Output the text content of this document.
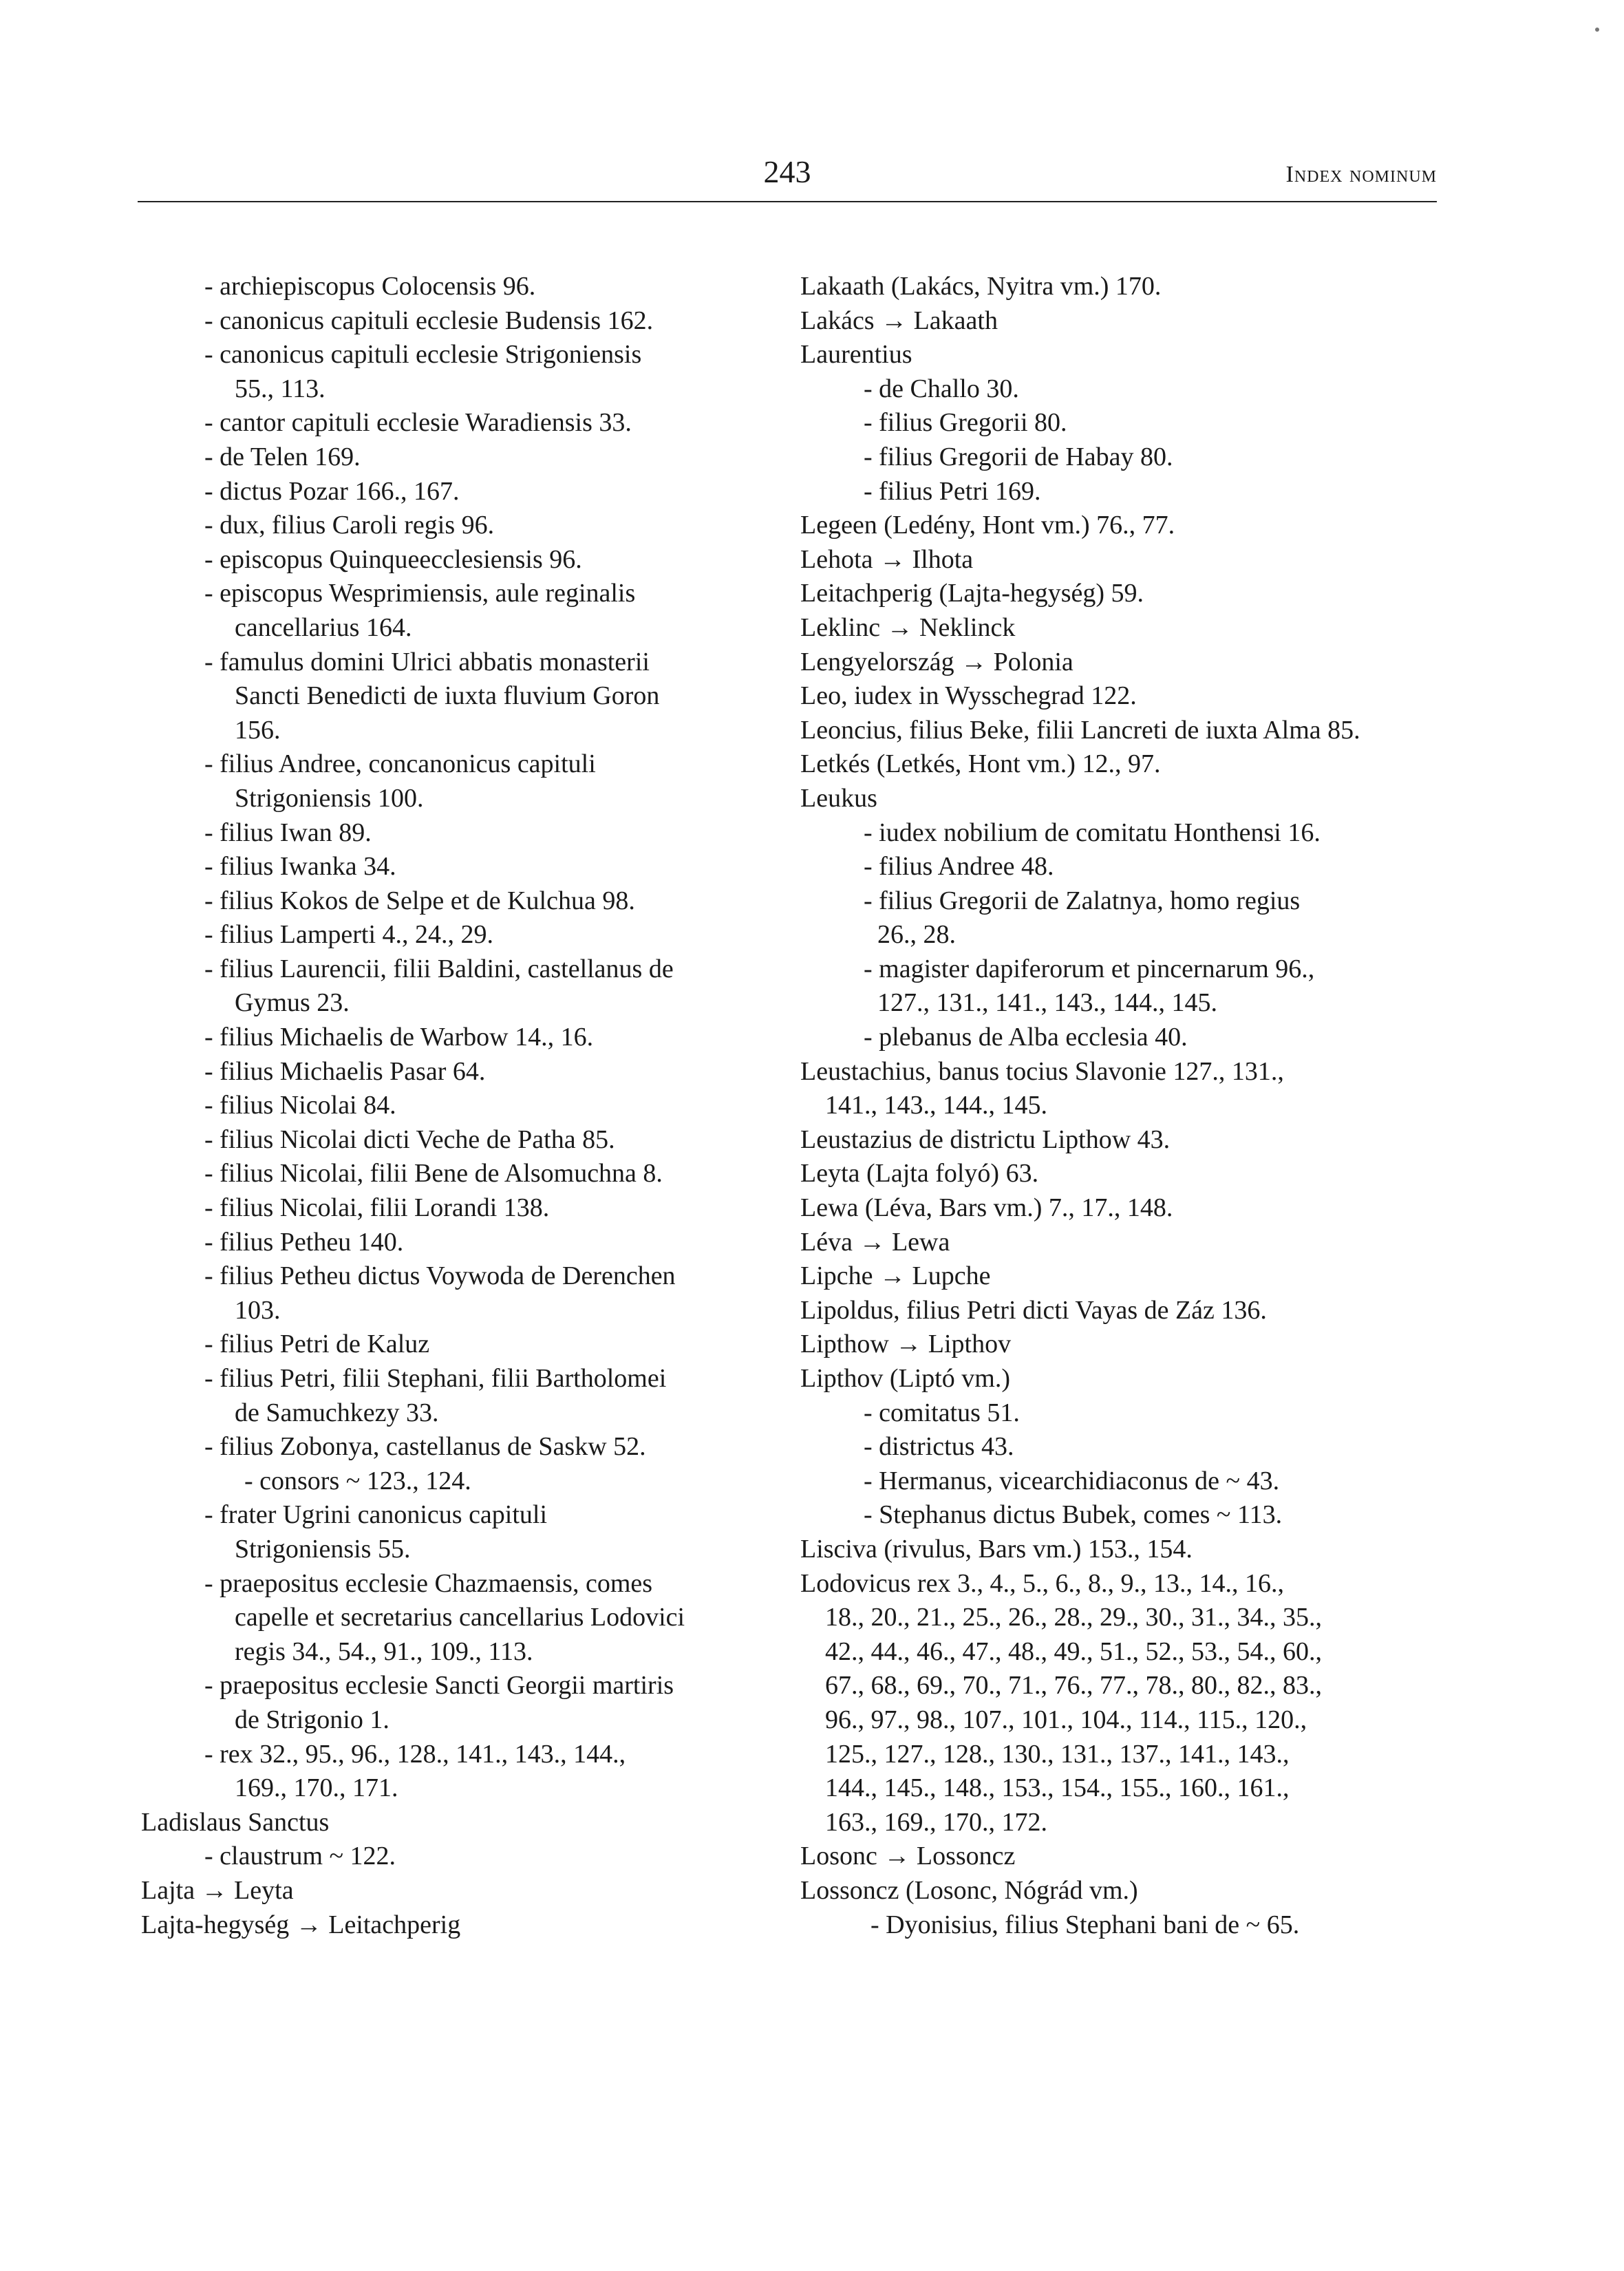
243	Index nominum
- archiepiscopus Colocensis 96.
- canonicus capituli ecclesie Budensis 162.
- canonicus capituli ecclesie Strigoniensis
55., 113.
- cantor capituli ecclesie Waradiensis 33.
- de Telen 169.
- dictus Pozar 166., 167.
- dux, filius Caroli regis 96.
- episcopus Quinqueecclesiensis 96.
- episcopus Wesprimiensis, aule reginalis
cancellarius 164.
- famulus domini Ulrici abbatis monasterii
Sancti Benedicti de iuxta fluvium Goron
156.
- filius Andree, concanonicus capituli
Strigoniensis 100.
- filius Iwan 89.
- filius Iwanka 34.
- filius Kokos de Selpe et de Kulchua 98.
- filius Lamperti 4., 24., 29.
- filius Laurencii, filii Baldini, castellanus de
Gymus 23.
- filius Michaelis de Warbow 14., 16.
- filius Michaelis Pasar 64.
- filius Nicolai 84.
- filius Nicolai dicti Veche de Patha 85.
- filius Nicolai, filii Bene de Alsomuchna 8.
- filius Nicolai, filii Lorandi 138.
- filius Petheu 140.
- filius Petheu dictus Voywoda de Derenchen
103.
- filius Petri de Kaluz
- filius Petri, filii Stephani, filii Bartholomei
de Samuchkezy 33.
- filius Zobonya, castellanus de Saskw 52.
- consors ~ 123., 124.
- frater Ugrini canonicus capituli
Strigoniensis 55.
- praepositus ecclesie Chazmaensis, comes
capelle et secretarius cancellarius Lodovici
regis 34., 54., 91., 109., 113.
- praepositus ecclesie Sancti Georgii martiris
de Strigonio 1.
- rex 32., 95., 96., 128., 141., 143., 144.,
169., 170., 171.
Ladislaus Sanctus
- claustrum ~ 122.
Lajta → Leyta
Lajta-hegység → Leitachperig
Lakaath (Lakács, Nyitra vm.) 170.
Lakács → Lakaath
Laurentius
- de Challo 30.
- filius Gregorii 80.
- filius Gregorii de Habay 80.
- filius Petri 169.
Legeen (Ledény, Hont vm.) 76., 77.
Lehota → Ilhota
Leitachperig (Lajta-hegység) 59.
Leklinc → Neklinck
Lengyelország → Polonia
Leo, iudex in Wysschegrad 122.
Leoncius, filius Beke, filii Lancreti de iuxta Alma 85.
Letkés (Letkés, Hont vm.) 12., 97.
Leukus
- iudex nobilium de comitatu Honthensi 16.
- filius Andree 48.
- filius Gregorii de Zalatnya, homo regius
26., 28.
- magister dapiferorum et pincernarum 96.,
127., 131., 141., 143., 144., 145.
- plebanus de Alba ecclesia 40.
Leustachius, banus tocius Slavonie 127., 131.,
141., 143., 144., 145.
Leustazius de districtu Lipthow 43.
Leyta (Lajta folyó) 63.
Lewa (Léva, Bars vm.) 7., 17., 148.
Léva → Lewa
Lipche → Lupche
Lipoldus, filius Petri dicti Vayas de Záz 136.
Lipthow → Lipthov
Lipthov (Liptó vm.)
- comitatus 51.
- districtus 43.
- Hermanus, vicearchidiaconus de ~ 43.
- Stephanus dictus Bubek, comes ~ 113.
Lisciva (rivulus, Bars vm.) 153., 154.
Lodovicus rex 3., 4., 5., 6., 8., 9., 13., 14., 16.,
18., 20., 21., 25., 26., 28., 29., 30., 31., 34., 35.,
42., 44., 46., 47., 48., 49., 51., 52., 53., 54., 60.,
67., 68., 69., 70., 71., 76., 77., 78., 80., 82., 83.,
96., 97., 98., 107., 101., 104., 114., 115., 120.,
125., 127., 128., 130., 131., 137., 141., 143.,
144., 145., 148., 153., 154., 155., 160., 161.,
163., 169., 170., 172.
Losonc → Lossoncz
Lossoncz (Losonc, Nógrád vm.)
- Dyonisius, filius Stephani bani de ~ 65.
